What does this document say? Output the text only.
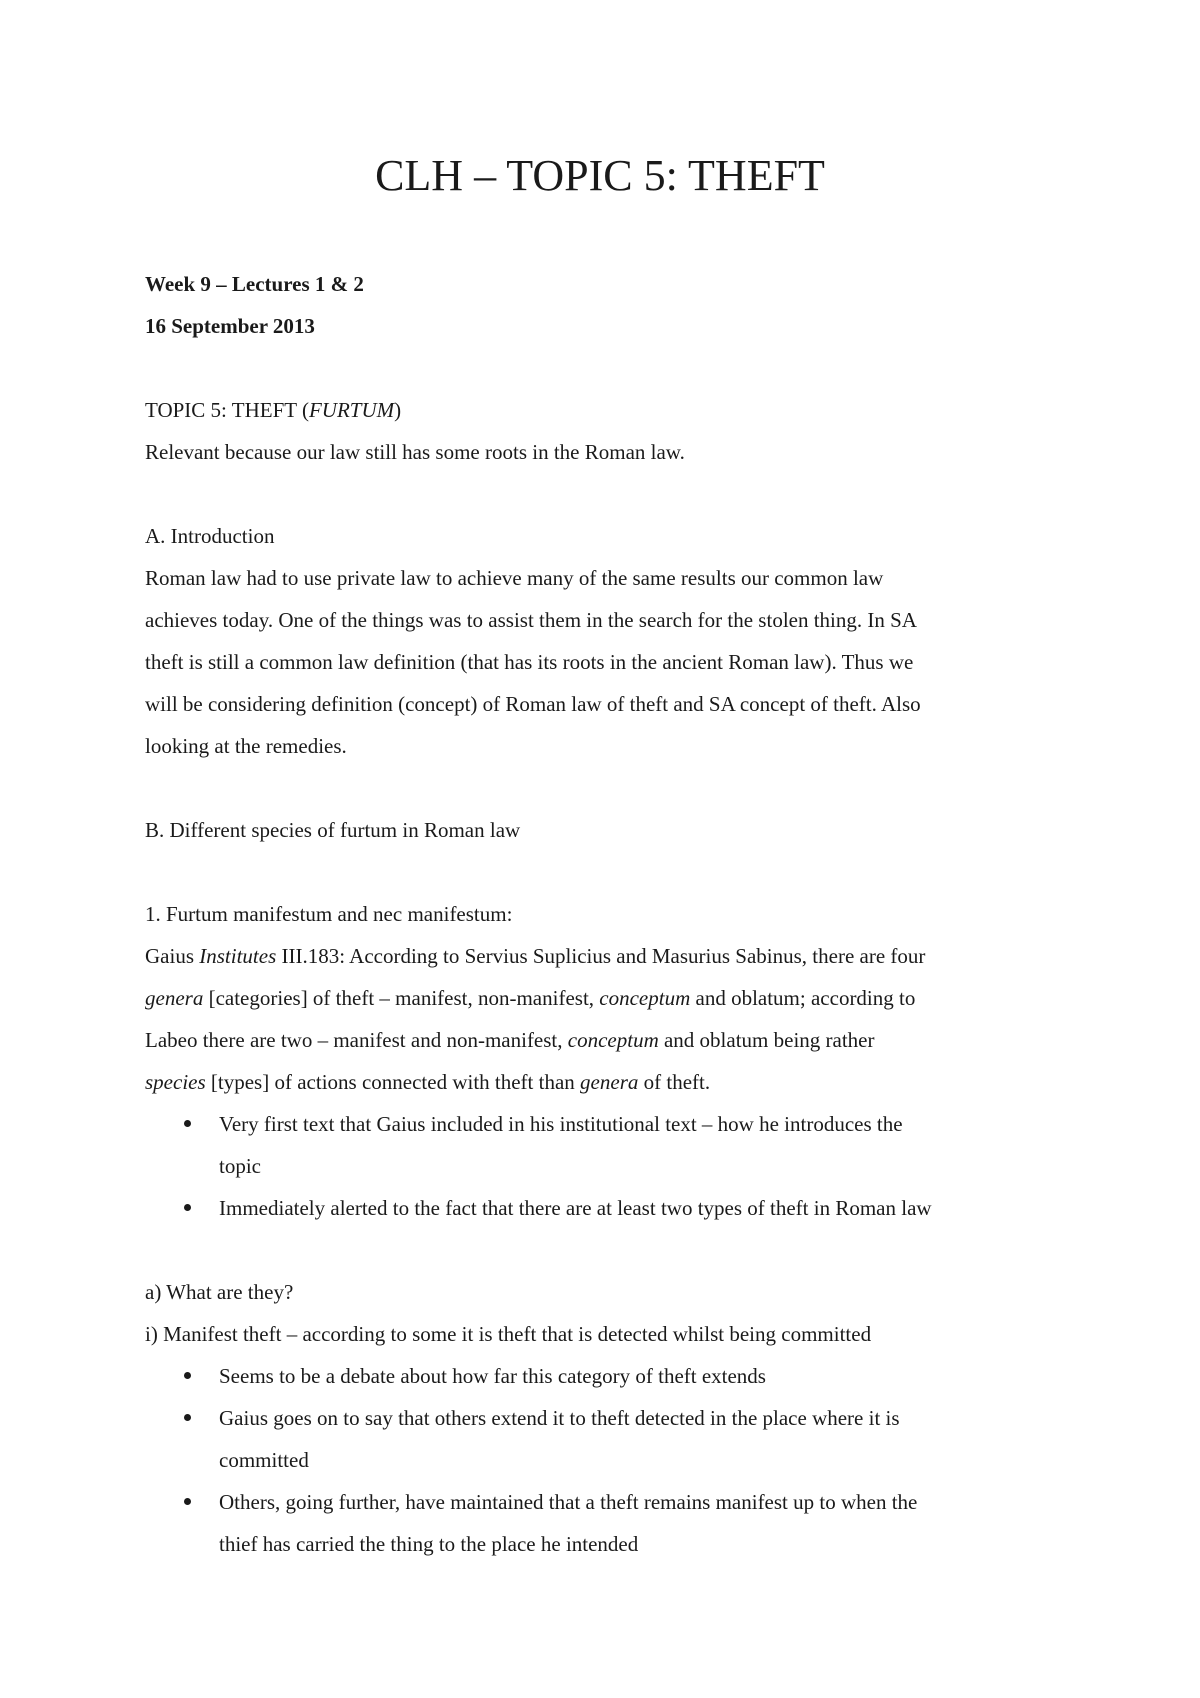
CLH – TOPIC 5: THEFT
Week 9 – Lectures 1 & 2
16 September 2013
TOPIC 5: THEFT (FURTUM)
Relevant because our law still has some roots in the Roman law.
A. Introduction
Roman law had to use private law to achieve many of the same results our common law
achieves today. One of the things was to assist them in the search for the stolen thing. In SA
theft is still a common law definition (that has its roots in the ancient Roman law). Thus we
will be considering definition (concept) of Roman law of theft and SA concept of theft. Also
looking at the remedies.
B. Different species of furtum in Roman law
1. Furtum manifestum and nec manifestum:
Gaius Institutes III.183: According to Servius Suplicius and Masurius Sabinus, there are four
genera [categories] of theft – manifest, non-manifest, conceptum and oblatum; according to
Labeo there are two – manifest and non-manifest, conceptum and oblatum being rather
species [types] of actions connected with theft than genera of theft.
Very first text that Gaius included in his institutional text – how he introduces the
topic
Immediately alerted to the fact that there are at least two types of theft in Roman law
a) What are they?
i) Manifest theft – according to some it is theft that is detected whilst being committed
Seems to be a debate about how far this category of theft extends
Gaius goes on to say that others extend it to theft detected in the place where it is
committed
Others, going further, have maintained that a theft remains manifest up to when the
thief has carried the thing to the place he intended
